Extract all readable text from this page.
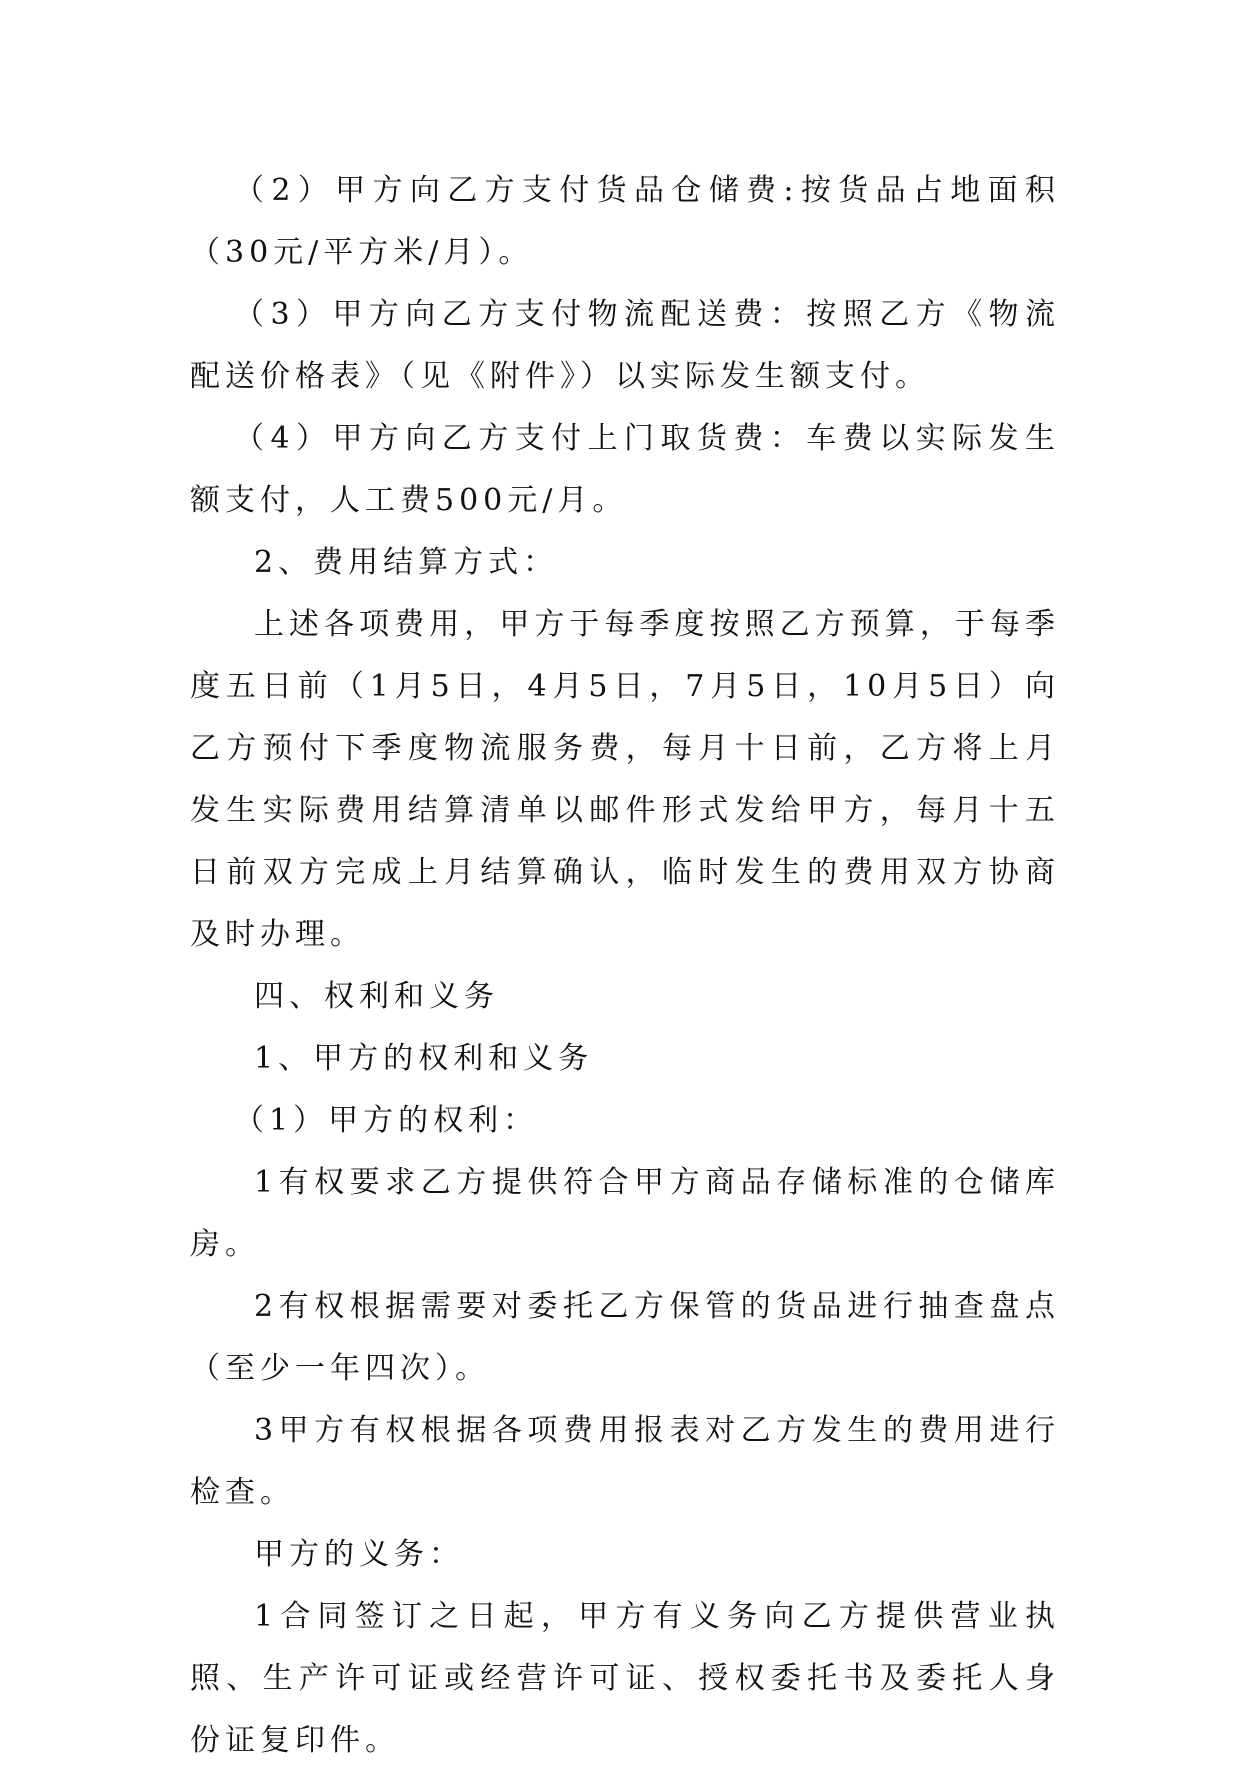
（2）甲方向乙方支付货品仓储费:按货品占地面积（30元/平方米/月）。

（3）甲方向乙方支付物流配送费：按照乙方《物流配送价格表》（见《附件》）以实际发生额支付。

（4）甲方向乙方支付上门取货费：车费以实际发生额支付，人工费500元/月。

2、费用结算方式：

上述各项费用，甲方于每季度按照乙方预算，于每季度五日前（1月5日，4月5日，7月5日，10月5日）向乙方预付下季度物流服务费，每月十日前，乙方将上月发生实际费用结算清单以邮件形式发给甲方，每月十五日前双方完成上月结算确认，临时发生的费用双方协商及时办理。

四、权利和义务

1、甲方的权利和义务

（1）甲方的权利：

1有权要求乙方提供符合甲方商品存储标准的仓储库房。

2有权根据需要对委托乙方保管的货品进行抽查盘点（至少一年四次）。

3甲方有权根据各项费用报表对乙方发生的费用进行检查。

甲方的义务：

1合同签订之日起，甲方有义务向乙方提供营业执照、生产许可证或经营许可证、授权委托书及委托人身份证复印件。
